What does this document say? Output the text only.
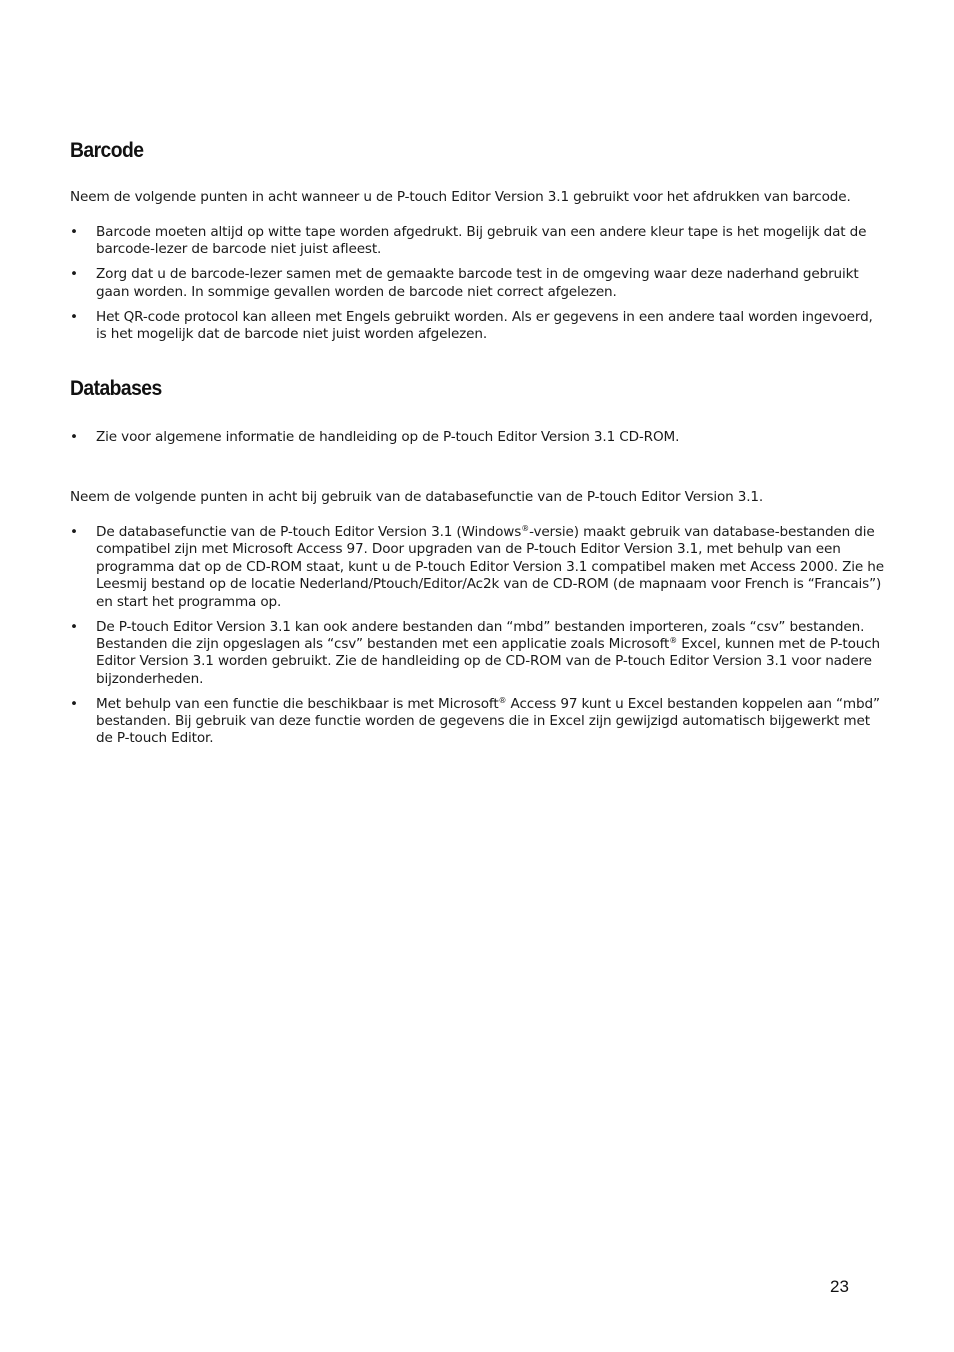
Barcode

Neem de volgende punten in acht wanneer u de P-touch Editor Version 3.1 gebruikt voor het afdrukken van barcode.

• Barcode moeten altijd op witte tape worden afgedrukt. Bij gebruik van een andere kleur tape is het mogelijk dat de barcode-lezer de barcode niet juist afleest.
• Zorg dat u de barcode-lezer samen met de gemaakte barcode test in de omgeving waar deze naderhand gebruikt gaan worden. In sommige gevallen worden de barcode niet correct afgelezen.
• Het QR-code protocol kan alleen met Engels gebruikt worden. Als er gegevens in een andere taal worden ingevoerd, is het mogelijk dat de barcode niet juist worden afgelezen.
Databases
• Zie voor algemene informatie de handleiding op de P-touch Editor Version 3.1 CD-ROM.

Neem de volgende punten in acht bij gebruik van de databasefunctie van de P-touch Editor Version 3.1.

• De databasefunctie van de P-touch Editor Version 3.1 (Windows®-versie) maakt gebruik van database-bestanden die compatibel zijn met Microsoft Access 97. Door upgraden van de P-touch Editor Version 3.1, met behulp van een programma dat op de CD-ROM staat, kunt u de P-touch Editor Version 3.1 compatibel maken met Access 2000. Zie he Leesmij bestand op de locatie Nederland/Ptouch/Editor/Ac2k van de CD-ROM (de mapnaam voor French is “Francais”) en start het programma op.
• De P-touch Editor Version 3.1 kan ook andere bestanden dan “mbd” bestanden importeren, zoals “csv” bestanden. Bestanden die zijn opgeslagen als “csv” bestanden met een applicatie zoals Microsoft® Excel, kunnen met de P-touch Editor Version 3.1 worden gebruikt. Zie de handleiding op de CD-ROM van de P-touch Editor Version 3.1 voor nadere bijzonderheden.
• Met behulp van een functie die beschikbaar is met Microsoft® Access 97 kunt u Excel bestanden koppelen aan “mbd” bestanden. Bij gebruik van deze functie worden de gegevens die in Excel zijn gewijzigd automatisch bijgewerkt met de P-touch Editor.
23
